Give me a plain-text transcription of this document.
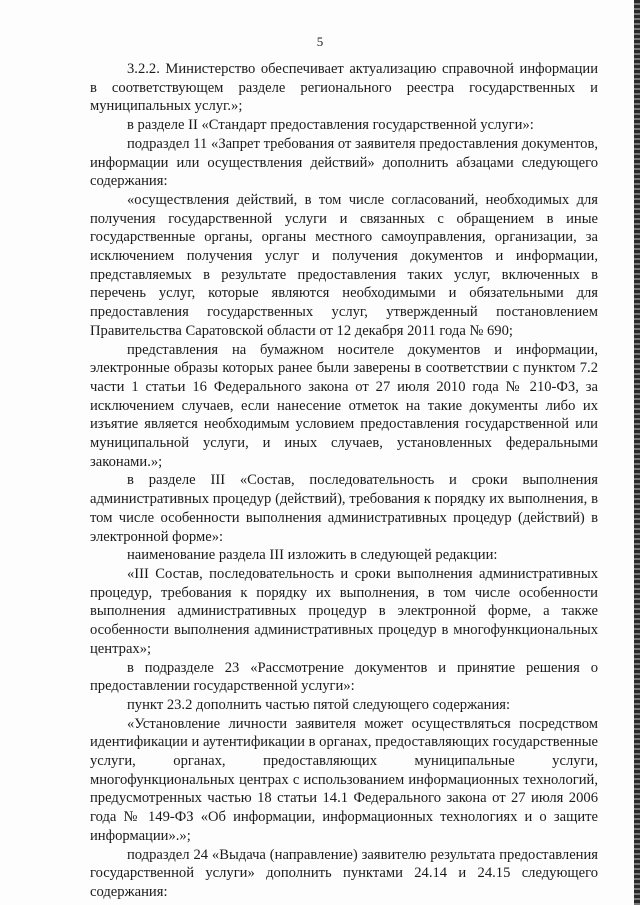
5

3.2.2. Министерство обеспечивает актуализацию справочной информации в соответствующем разделе регионального реестра государственных и муниципальных услуг.»;

в разделе II «Стандарт предоставления государственной услуги»:

подраздел 11 «Запрет требования от заявителя предоставления документов, информации или осуществления действий» дополнить абзацами следующего содержания:

«осуществления действий, в том числе согласований, необходимых для получения государственной услуги и связанных с обращением в иные государственные органы, органы местного самоуправления, организации, за исключением получения услуг и получения документов и информации, представляемых в результате предоставления таких услуг, включенных в перечень услуг, которые являются необходимыми и обязательными для предоставления государственных услуг, утвержденный постановлением Правительства Саратовской области от 12 декабря 2011 года № 690;

представления на бумажном носителе документов и информации, электронные образы которых ранее были заверены в соответствии с пунктом 7.2 части 1 статьи 16 Федерального закона от 27 июля 2010 года № 210-ФЗ, за исключением случаев, если нанесение отметок на такие документы либо их изъятие является необходимым условием предоставления государственной или муниципальной услуги, и иных случаев, установленных федеральными законами.»;

в разделе III «Состав, последовательность и сроки выполнения административных процедур (действий), требования к порядку их выполнения, в том числе особенности выполнения административных процедур (действий) в электронной форме»:

наименование раздела III изложить в следующей редакции:

«III Состав, последовательность и сроки выполнения административных процедур, требования к порядку их выполнения, в том числе особенности выполнения административных процедур в электронной форме, а также особенности выполнения административных процедур в многофункциональных центрах»;

в подразделе 23 «Рассмотрение документов и принятие решения о предоставлении государственной услуги»:

пункт 23.2 дополнить частью пятой следующего содержания:

«Установление личности заявителя может осуществляться посредством идентификации и аутентификации в органах, предоставляющих государственные услуги, органах, предоставляющих муниципальные услуги, многофункциональных центрах с использованием информационных технологий, предусмотренных частью 18 статьи 14.1 Федерального закона от 27 июля 2006 года № 149-ФЗ «Об информации, информационных технологиях и о защите информации».»;

подраздел 24 «Выдача (направление) заявителю результата предоставления государственной услуги» дополнить пунктами 24.14 и 24.15 следующего содержания:
